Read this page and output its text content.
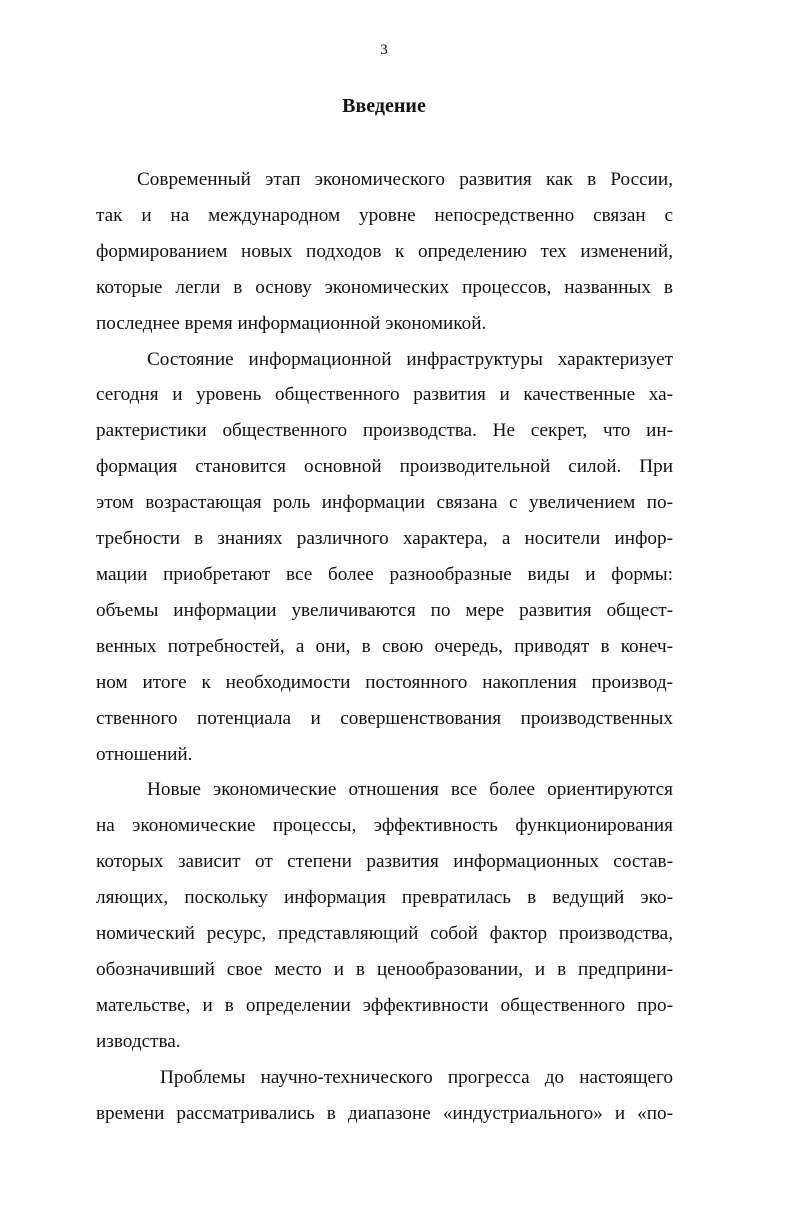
3
Введение
Современный этап экономического развития как в России,
так и на международном уровне непосредственно связан с
формированием новых подходов к определению тех изменений,
которые легли в основу экономических процессов, названных в
последнее время информационной экономикой.
Состояние информационной инфраструктуры характеризует
сегодня и уровень общественного развития и качественные ха-
рактеристики общественного производства. Не секрет, что ин-
формация становится основной производительной силой. При
этом возрастающая роль информации связана с увеличением по-
требности в знаниях различного характера, а носители инфор-
мации приобретают все более разнообразные виды и формы:
объемы информации увеличиваются по мере развития общест-
венных потребностей, а они, в свою очередь, приводят в конеч-
ном итоге к необходимости постоянного накопления производ-
ственного потенциала и совершенствования производственных
отношений.
Новые экономические отношения все более ориентируются
на экономические процессы, эффективность функционирования
которых зависит от степени развития информационных состав-
ляющих, поскольку информация превратилась в ведущий эко-
номический ресурс, представляющий собой фактор производства,
обозначивший свое место и в ценообразовании, и в предприни-
мательстве, и в определении эффективности общественного про-
изводства.
Проблемы научно-технического прогресса до настоящего
времени рассматривались в диапазоне «индустриального» и «по-
